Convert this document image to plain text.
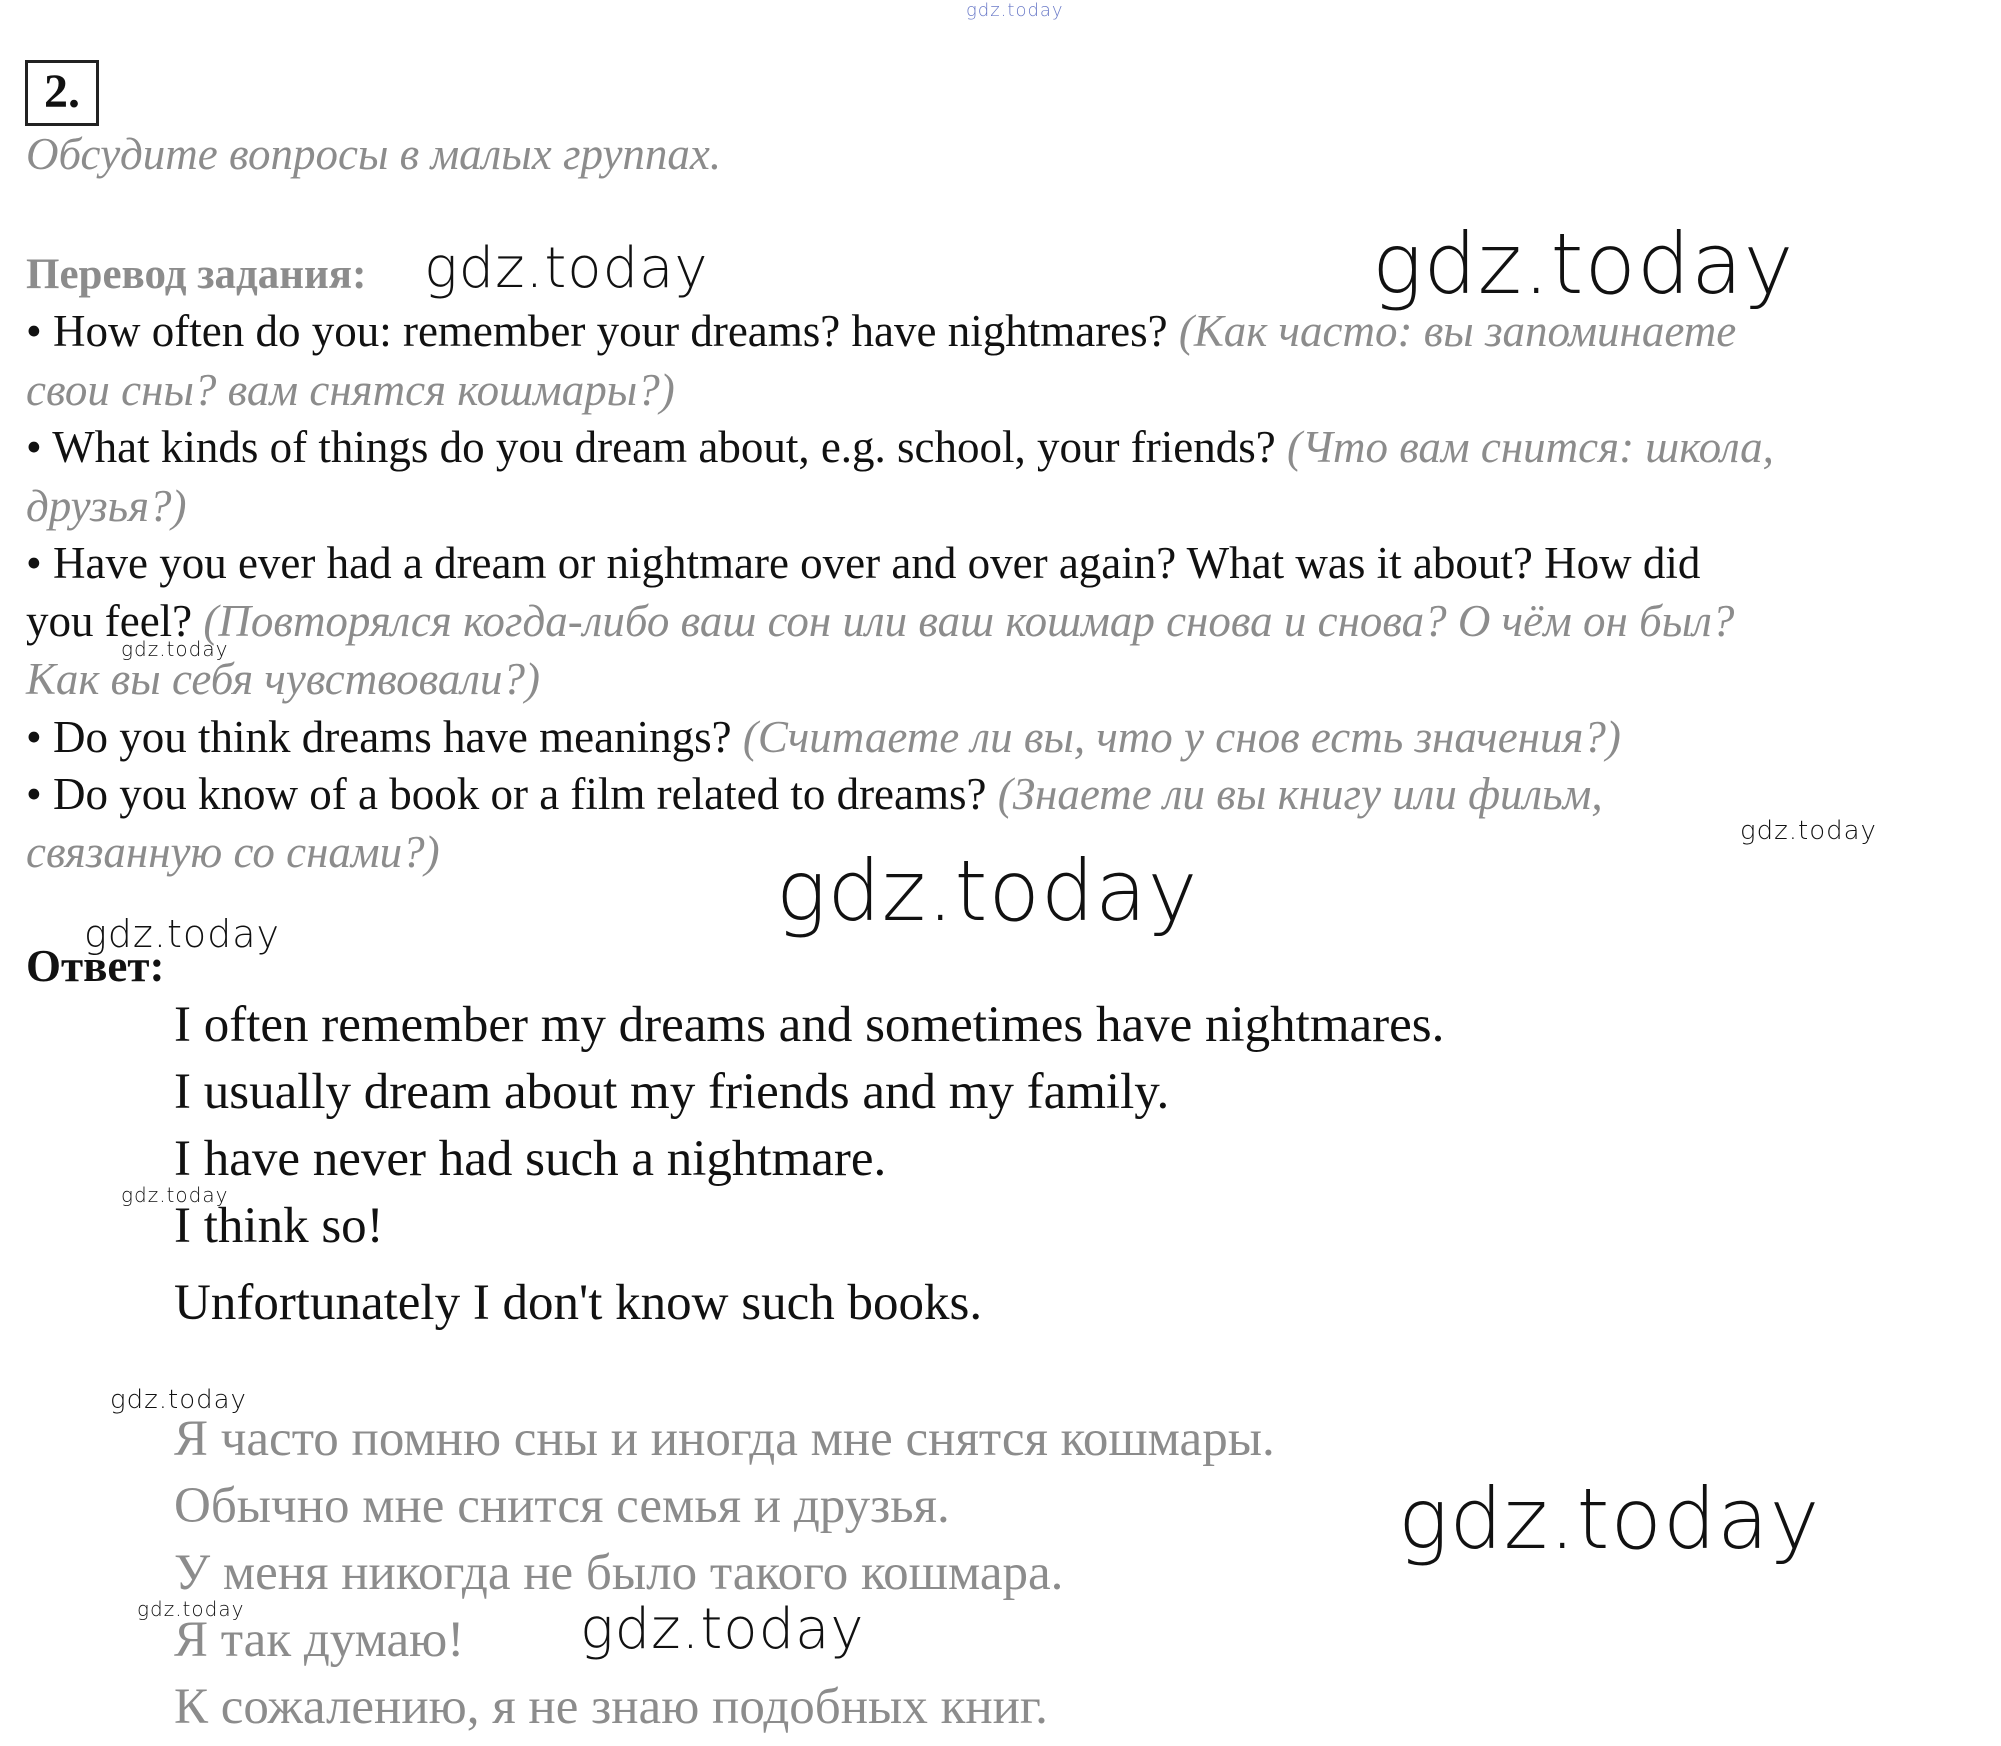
2.
Обсудите вопросы в малых группах.
Перевод задания:
• How often do you: remember your dreams? have nightmares? (Как часто: вы запоминаете
свои сны? вам снятся кошмары?)
• What kinds of things do you dream about, e.g. school, your friends? (Что вам снится: школа,
друзья?)
• Have you ever had a dream or nightmare over and over again? What was it about? How did
you feel? (Повторялся когда-либо ваш сон или ваш кошмар снова и снова? О чём он был?
Как вы себя чувствовали?)
• Do you think dreams have meanings? (Считаете ли вы, что у снов есть значения?)
• Do you know of a book or a film related to dreams? (Знаете ли вы книгу или фильм,
связанную со снами?)
Ответ:
I often remember my dreams and sometimes have nightmares.
I usually dream about my friends and my family.
I have never had such a nightmare.
I think so!
Unfortunately I don't know such books.
Я часто помню сны и иногда мне снятся кошмары.
Обычно мне снится семья и друзья.
У меня никогда не было такого кошмара.
Я так думаю!
К сожалению, я не знаю подобных книг.
gdz.today
gdz.today	gdz.today
gdz.today
gdz.today
gdz.today
gdz.today
gdz.today
gdz.today
gdz.today
gdz.today	gdz.today
